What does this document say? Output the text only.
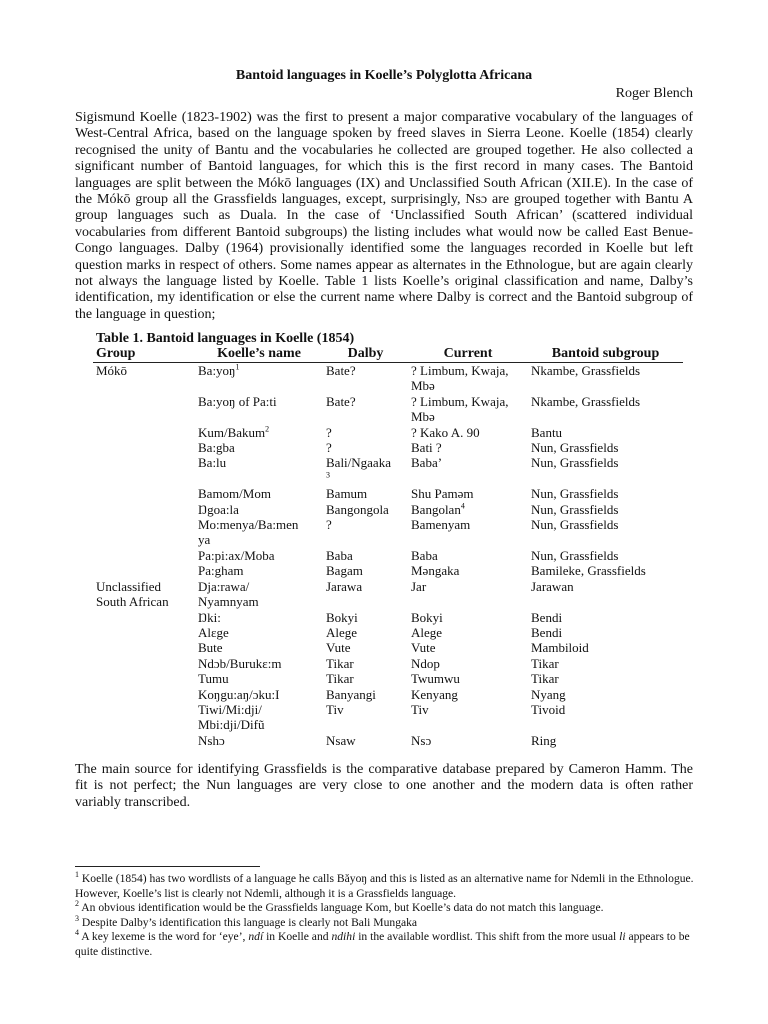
Bantoid languages in Koelle’s Polyglotta Africana
Roger Blench
Sigismund Koelle (1823-1902) was the first to present a major comparative vocabulary of the languages of
West-Central Africa, based on the language spoken by freed slaves in Sierra Leone. Koelle (1854) clearly
recognised the unity of Bantu and the vocabularies he collected are grouped together. He also collected a
significant number of Bantoid languages, for which this is the first record in many cases. The Bantoid
languages are split between the Mókō languages (IX) and Unclassified South African (XII.E). In the case of
the Mókō group all the Grassfields languages, except, surprisingly, Nsɔ are grouped together with Bantu A
group languages such as Duala. In the case of ‘Unclassified South African’ (scattered individual
vocabularies from different Bantoid subgroups) the listing includes what would now be called East Benue-
Congo languages. Dalby (1964) provisionally identified some the languages recorded in Koelle but left
question marks in respect of others. Some names appear as alternates in the Ethnologue, but are again clearly
not always the language listed by Koelle. Table 1 lists Koelle’s original classification and name, Dalby’s
identification, my identification or else the current name where Dalby is correct and the Bantoid subgroup of
the language in question;
Table 1. Bantoid languages in Koelle (1854)
Group	Koelle’s name	Dalby	Current	Bantoid subgroup
Mókō	Ba:yoŋ$^1$	Bate?	? Limbum, Kwaja,
Mbə	Nkambe, Grassfields
	Ba:yoŋ of Pa:ti	Bate?	? Limbum, Kwaja,
Mbə	Nkambe, Grassfields
	Kum/Bakum$^2$	?	? Kako A. 90	Bantu
	Ba:gba	?	Bati ?	Nun, Grassfields
	Ba:lu	Bali/Ngaaka
$^3$	Baba’	Nun, Grassfields
	Bamom/Mom	Bamum	Shu Paməm	Nun, Grassfields
	Ŋgoa:la	Bangongola	Bangolan$^4$	Nun, Grassfields
	Mo:menya/Ba:men
ya	?	Bamenyam	Nun, Grassfields
	Pa:pi:ax/Moba	Baba	Baba	Nun, Grassfields
	Pa:gham	Bagam	Məngaka	Bamileke, Grassfields
Unclassified
South African	Dja:rawa/
Nyamnyam	Jarawa	Jar	Jarawan
	Ŋki:	Bokyi	Bokyi	Bendi
	Alɛge	Alege	Alege	Bendi
	Bute	Vute	Vute	Mambiloid
	Ndɔb/Burukɛ:m	Tikar	Ndop	Tikar
	Tumu	Tikar	Twumwu	Tikar
	Koŋgu:aŋ/ɔku:I	Banyangi	Kenyang	Nyang
	Tiwi/Mi:dji/
Mbi:dji/Difũ	Tiv	Tiv	Tivoid
	Nshɔ	Nsaw	Nsɔ	Ring
The main source for identifying Grassfields is the comparative database prepared by Cameron Hamm. The
fit is not perfect; the Nun languages are very close to one another and the modern data is often rather
variably transcribed.
$^1$ Koelle (1854) has two wordlists of a language he calls Bǎyoŋ and this is listed as an alternative name for Ndemli in the Ethnologue. However, Koelle’s list is clearly not Ndemli, although it is a Grassfields language.
$^2$ An obvious identification would be the Grassfields language Kom, but Koelle’s data do not match this language.
$^3$ Despite Dalby’s identification this language is clearly not Bali Mungaka
$^4$ A key lexeme is the word for ‘eye’, ndí in Koelle and ndihi in the available wordlist. This shift from the more usual li appears to be quite distinctive.
